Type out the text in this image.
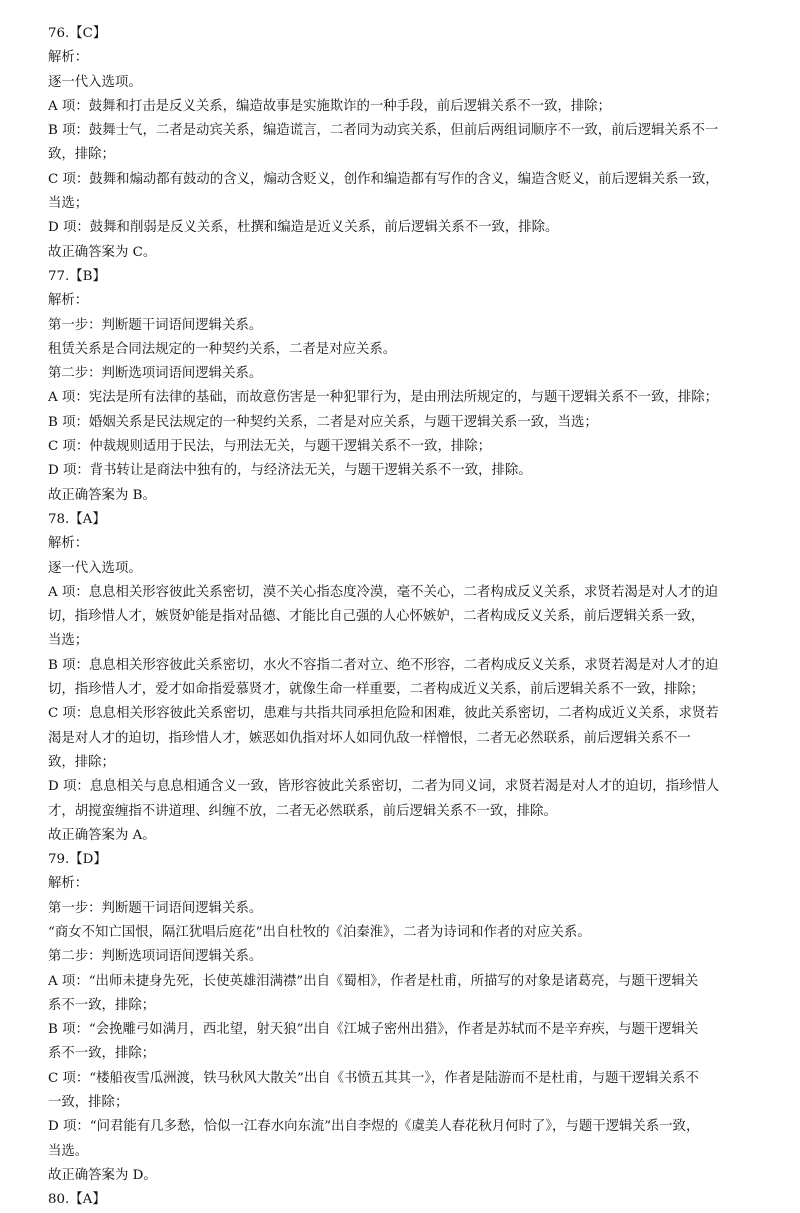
76.【C】
解析：
逐一代入选项。
A 项：鼓舞和打击是反义关系，编造故事是实施欺诈的一种手段，前后逻辑关系不一致，排除；
B 项：鼓舞士气，二者是动宾关系，编造谎言，二者同为动宾关系，但前后两组词顺序不一致，前后逻辑关系不一
致，排除；
C 项：鼓舞和煽动都有鼓动的含义，煽动含贬义，创作和编造都有写作的含义，编造含贬义，前后逻辑关系一致，
当选；
D 项：鼓舞和削弱是反义关系，杜撰和编造是近义关系，前后逻辑关系不一致，排除。
故正确答案为 C。
77.【B】
解析：
第一步：判断题干词语间逻辑关系。
租赁关系是合同法规定的一种契约关系，二者是对应关系。
第二步：判断选项词语间逻辑关系。
A 项：宪法是所有法律的基础，而故意伤害是一种犯罪行为，是由刑法所规定的，与题干逻辑关系不一致，排除；
B 项：婚姻关系是民法规定的一种契约关系，二者是对应关系，与题干逻辑关系一致，当选；
C 项：仲裁规则适用于民法，与刑法无关，与题干逻辑关系不一致，排除；
D 项：背书转让是商法中独有的，与经济法无关，与题干逻辑关系不一致，排除。
故正确答案为 B。
78.【A】
解析：
逐一代入选项。
A 项：息息相关形容彼此关系密切，漠不关心指态度冷漠，毫不关心，二者构成反义关系，求贤若渴是对人才的迫
切，指珍惜人才，嫉贤妒能是指对品德、才能比自己强的人心怀嫉妒，二者构成反义关系，前后逻辑关系一致，
当选；
B 项：息息相关形容彼此关系密切，水火不容指二者对立、绝不形容，二者构成反义关系，求贤若渴是对人才的迫
切，指珍惜人才，爱才如命指爱慕贤才，就像生命一样重要，二者构成近义关系，前后逻辑关系不一致，排除；
C 项：息息相关形容彼此关系密切，患难与共指共同承担危险和困难，彼此关系密切，二者构成近义关系，求贤若
渴是对人才的迫切，指珍惜人才，嫉恶如仇指对坏人如同仇敌一样憎恨，二者无必然联系，前后逻辑关系不一
致，排除；
D 项：息息相关与息息相通含义一致，皆形容彼此关系密切，二者为同义词，求贤若渴是对人才的迫切，指珍惜人
才，胡搅蛮缠指不讲道理、纠缠不放，二者无必然联系，前后逻辑关系不一致，排除。
故正确答案为 A。
79.【D】
解析：
第一步：判断题干词语间逻辑关系。
“商女不知亡国恨，隔江犹唱后庭花”出自杜牧的《泊秦淮》，二者为诗词和作者的对应关系。
第二步：判断选项词语间逻辑关系。
A 项：“出师未捷身先死，长使英雄泪满襟”出自《蜀相》，作者是杜甫，所描写的对象是诸葛亮，与题干逻辑关
系不一致，排除；
B 项：“会挽雕弓如满月，西北望，射天狼”出自《江城子密州出猎》，作者是苏轼而不是辛弃疾，与题干逻辑关
系不一致，排除；
C 项：“楼船夜雪瓜洲渡，铁马秋风大散关”出自《书愤五其其一》，作者是陆游而不是杜甫，与题干逻辑关系不
一致，排除；
D 项：“问君能有几多愁，恰似一江春水向东流”出自李煜的《虞美人春花秋月何时了》，与题干逻辑关系一致，
当选。
故正确答案为 D。
80.【A】
